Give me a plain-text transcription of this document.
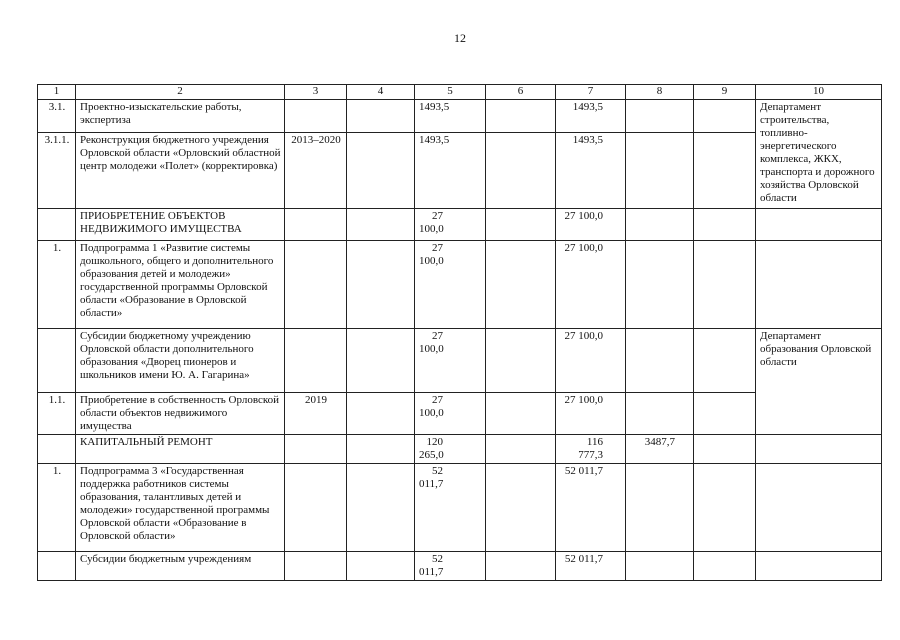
12
1	2	3	4	5	6	7	8	9	10
3.1.	Проектно-изыскательские работы, экспертиза			1493,5		1493,5			Департамент строительства, топливно-энергетического комплекса, ЖКХ, транспорта и дорожного хозяйства Орловской области
3.1.1.	Реконструкция бюджетного учреждения Орловской области «Орловский областной центр молодежи «Полет» (корректировка)	2013–2020		1493,5		1493,5			
	ПРИОБРЕТЕНИЕ ОБЪЕКТОВ НЕДВИЖИМОГО ИМУЩЕСТВА			27 100,0		27 100,0			
1.	Подпрограмма 1 «Развитие системы дошкольного, общего и дополнительного образования детей и молодежи» государственной программы Орловской области «Образование в Орловской области»			27 100,0		27 100,0			
	Субсидии бюджетному учреждению Орловской области дополнительного образования «Дворец пионеров и школьников имени Ю. А. Гагарина»			27 100,0		27 100,0			Департамент образования Орловской области
1.1.	Приобретение в собственность Орловской области объектов недвижимого имущества	2019		27 100,0		27 100,0			
	КАПИТАЛЬНЫЙ РЕМОНТ			120 265,0		116 777,3	3487,7		
1.	Подпрограмма 3 «Государственная поддержка работников системы образования, талантливых детей и молодежи» государственной программы Орловской области «Образование в Орловской области»			52 011,7		52 011,7			
	Субсидии бюджетным учреждениям			52 011,7		52 011,7			
